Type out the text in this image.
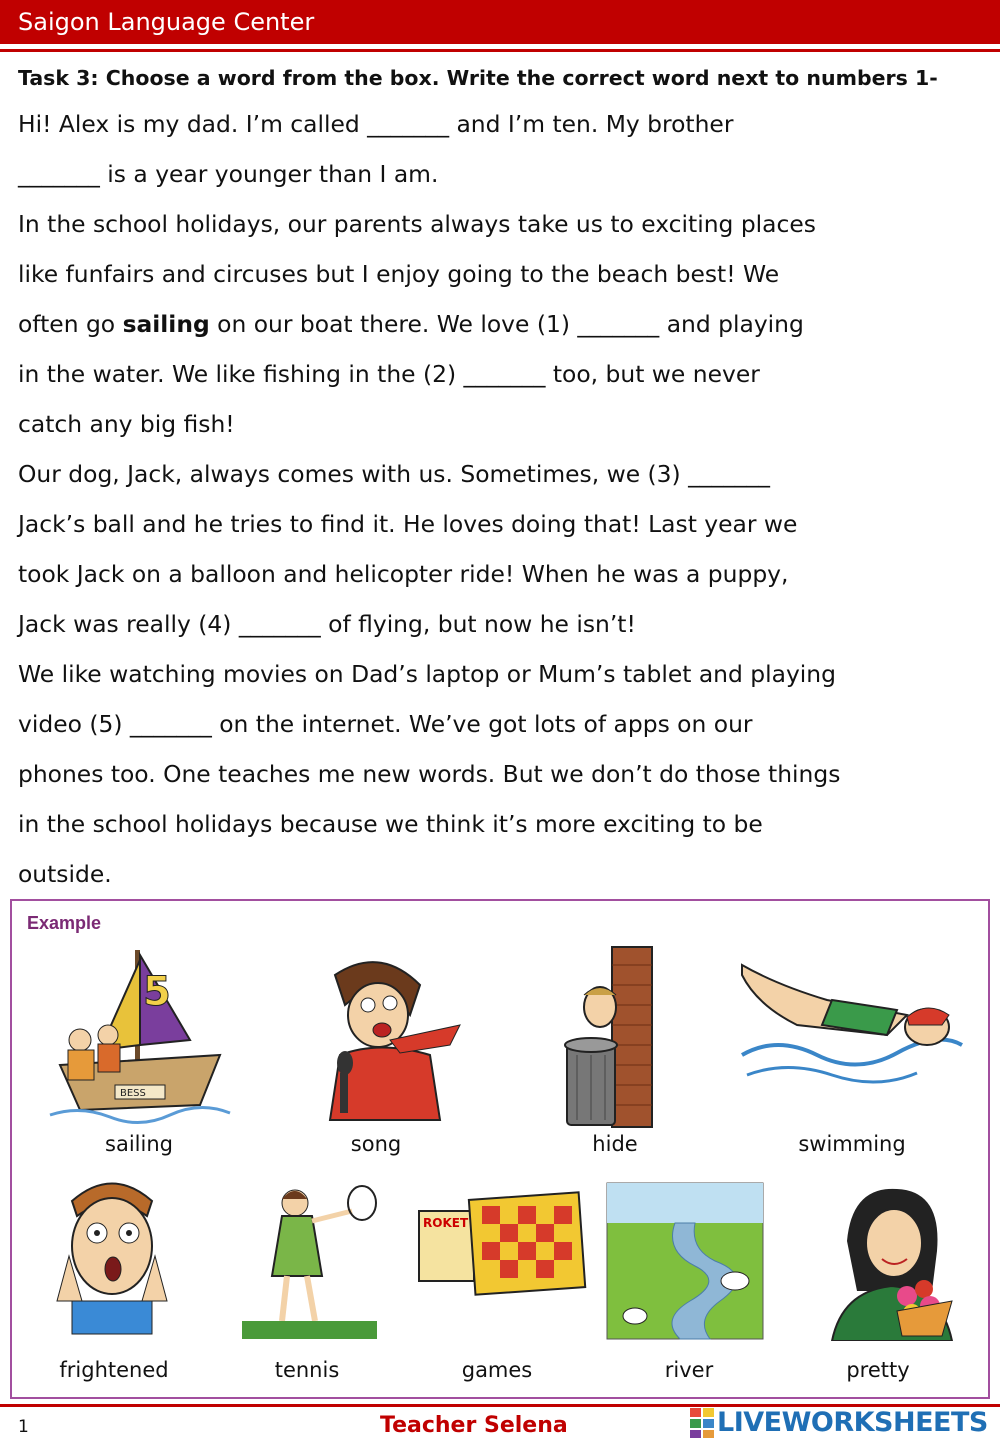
Saigon Language Center
Task 3: Choose a word from the box. Write the correct word next to numbers 1-
Hi! Alex is my dad. I’m called _______ and I’m ten. My brother
_______ is a year younger than I am.
In the school holidays, our parents always take us to exciting places
like funfairs and circuses but I enjoy going to the beach best! We
often go sailing on our boat there. We love (1) _______ and playing
in the water. We like fishing in the (2) _______ too, but we never
catch any big fish!
Our dog, Jack, always comes with us. Sometimes, we (3) _______
Jack’s ball and he tries to find it. He loves doing that! Last year we
took Jack on a balloon and helicopter ride! When he was a puppy,
Jack was really (4) _______ of flying, but now he isn’t!
We like watching movies on Dad’s laptop or Mum’s tablet and playing
video (5) _______ on the internet. We’ve got lots of apps on our
phones too. One teaches me new words. But we don’t do those things
in the school holidays because we think it’s more exciting to be
outside.
Example
5
BESS
ROKET
sailing	song	hide	swimming
frightened	tennis	games	river	pretty
1	Teacher Selena	LIVEWORKSHEETS
